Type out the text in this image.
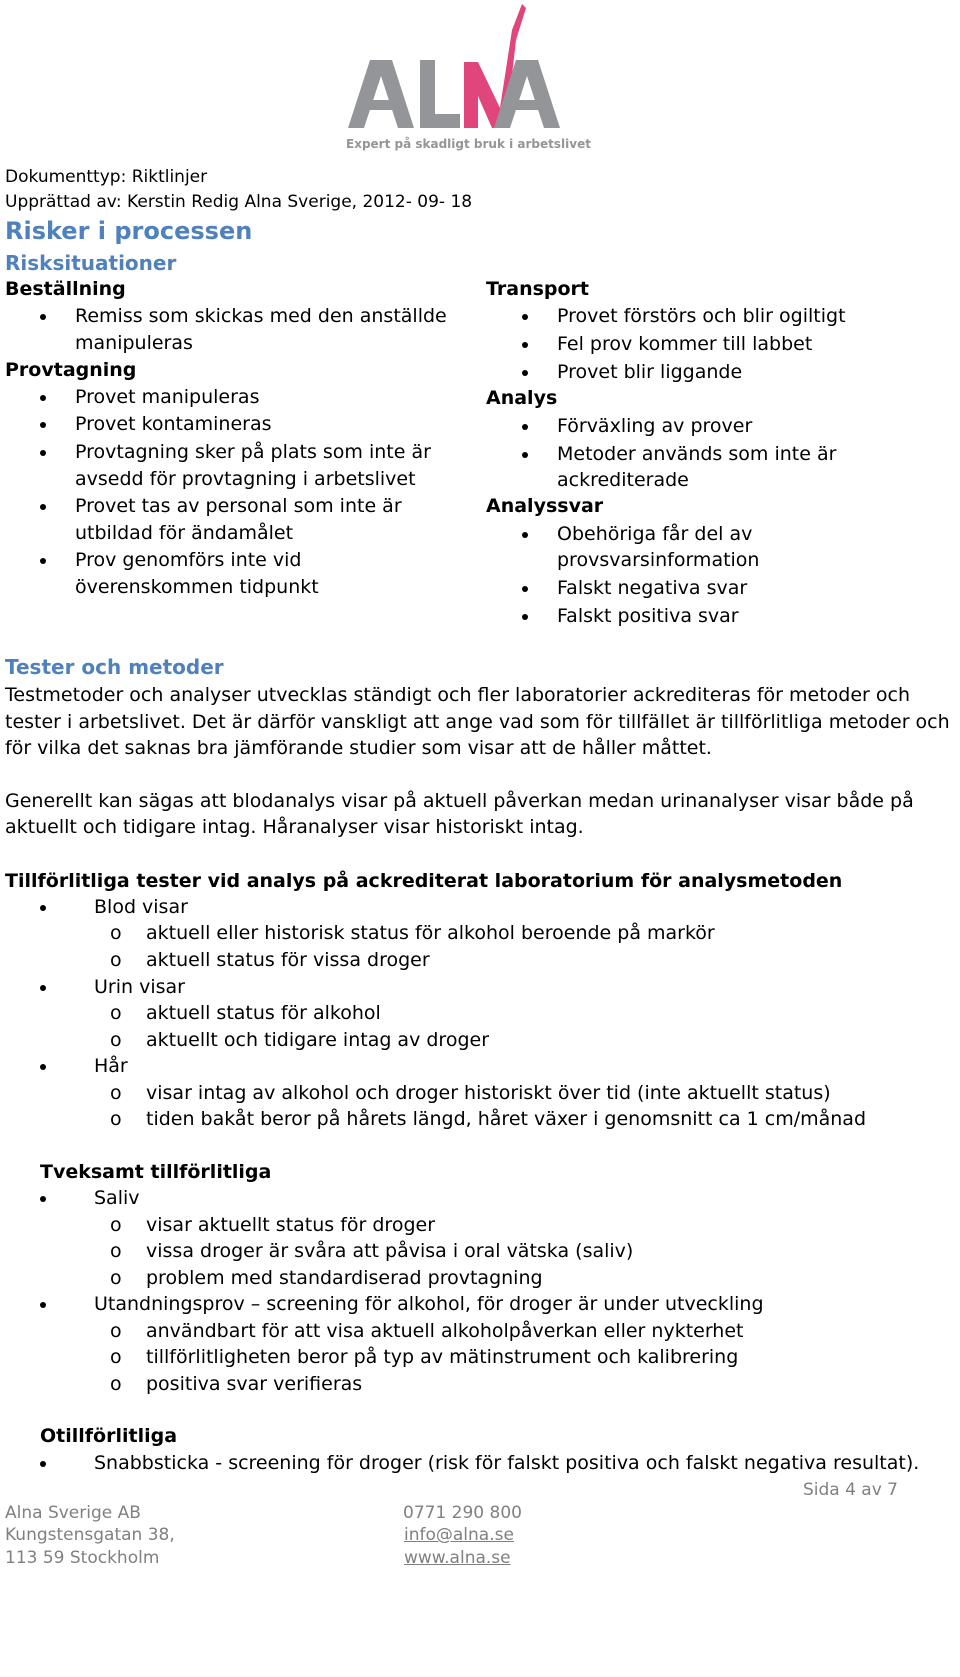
Expert på skadligt bruk i arbetslivet
Dokumenttyp: Riktlinjer
Upprättad av: Kerstin Redig Alna Sverige, 2012- 09- 18
Risker i processen
Risksituationer
Beställning
Remiss som skickas med den anställde
manipuleras
Provtagning
Provet manipuleras
Provet kontamineras
Provtagning sker på plats som inte är
avsedd för provtagning i arbetslivet
Provet tas av personal som inte är
utbildad för ändamålet
Prov genomförs inte vid
överenskommen tidpunkt
Transport
Provet förstörs och blir ogiltigt
Fel prov kommer till labbet
Provet blir liggande
Analys
Förväxling av prover
Metoder används som inte är
ackrediterade
Analyssvar
Obehöriga får del av
provsvarsinformation
Falskt negativa svar
Falskt positiva svar
Tester och metoder
Testmetoder och analyser utvecklas ständigt och fler laboratorier ackrediteras för metoder och
tester i arbetslivet. Det är därför vanskligt att ange vad som för tillfället är tillförlitliga metoder och
för vilka det saknas bra jämförande studier som visar att de håller måttet.
Generellt kan sägas att blodanalys visar på aktuell påverkan medan urinanalyser visar både på
aktuellt och tidigare intag. Håranalyser visar historiskt intag.
Tillförlitliga tester vid analys på ackrediterat laboratorium för analysmetoden
Blod visar
o aktuell eller historisk status för alkohol beroende på markör
o aktuell status för vissa droger
Urin visar
o aktuell status för alkohol
o aktuellt och tidigare intag av droger
Hår
o visar intag av alkohol och droger historiskt över tid (inte aktuellt status)
o tiden bakåt beror på hårets längd, håret växer i genomsnitt ca 1 cm/månad
Tveksamt tillförlitliga
Saliv
o visar aktuellt status för droger
o vissa droger är svåra att påvisa i oral vätska (saliv)
o problem med standardiserad provtagning
Utandningsprov – screening för alkohol, för droger är under utveckling
o användbart för att visa aktuell alkoholpåverkan eller nykterhet
o tillförlitligheten beror på typ av mätinstrument och kalibrering
o positiva svar verifieras
Otillförlitliga
Snabbsticka - screening för droger (risk för falskt positiva och falskt negativa resultat).
Sida 4 av 7
Alna Sverige AB
Kungstensgatan 38,
113 59 Stockholm
0771 290 800
info@alna.se
www.alna.se
